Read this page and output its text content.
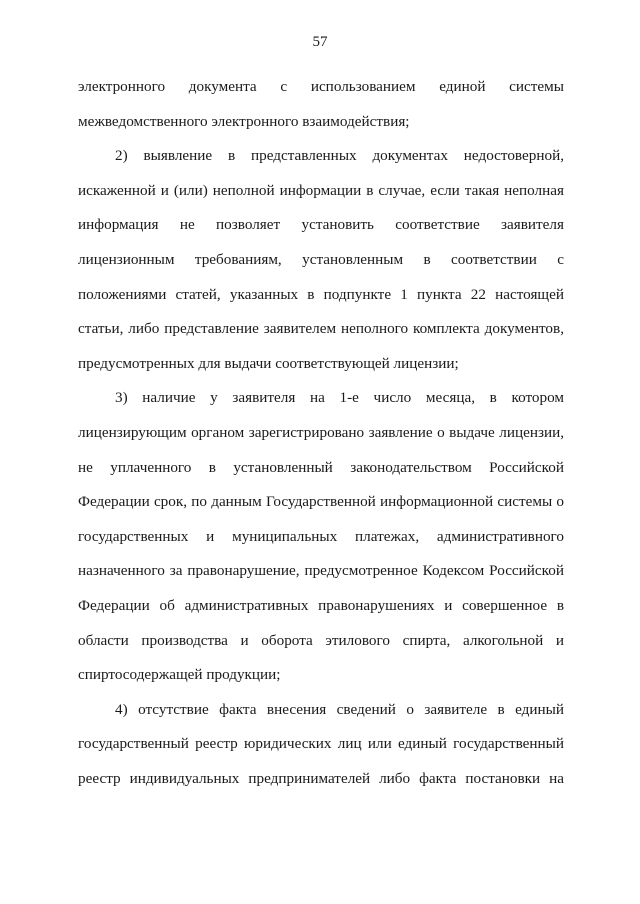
57
электронного документа с использованием единой системы
межведомственного электронного взаимодействия;
2) выявление в представленных документах недостоверной,
искаженной и (или) неполной информации в случае, если такая неполная
информация не позволяет установить соответствие заявителя
лицензионным требованиям, установленным в соответствии с
положениями статей, указанных в подпункте 1 пункта 22 настоящей
статьи, либо представление заявителем неполного комплекта документов,
предусмотренных для выдачи соответствующей лицензии;
3) наличие у заявителя на 1-е число месяца, в котором
лицензирующим органом зарегистрировано заявление о выдаче лицензии,
не уплаченного в установленный законодательством Российской
Федерации срок, по данным Государственной информационной системы о
государственных и муниципальных платежах, административного
назначенного за правонарушение, предусмотренное Кодексом Российской
Федерации об административных правонарушениях и совершенное в
области производства и оборота этилового спирта, алкогольной и
спиртосодержащей продукции;
4) отсутствие факта внесения сведений о заявителе в единый
государственный реестр юридических лиц или единый государственный
реестр индивидуальных предпринимателей либо факта постановки на
